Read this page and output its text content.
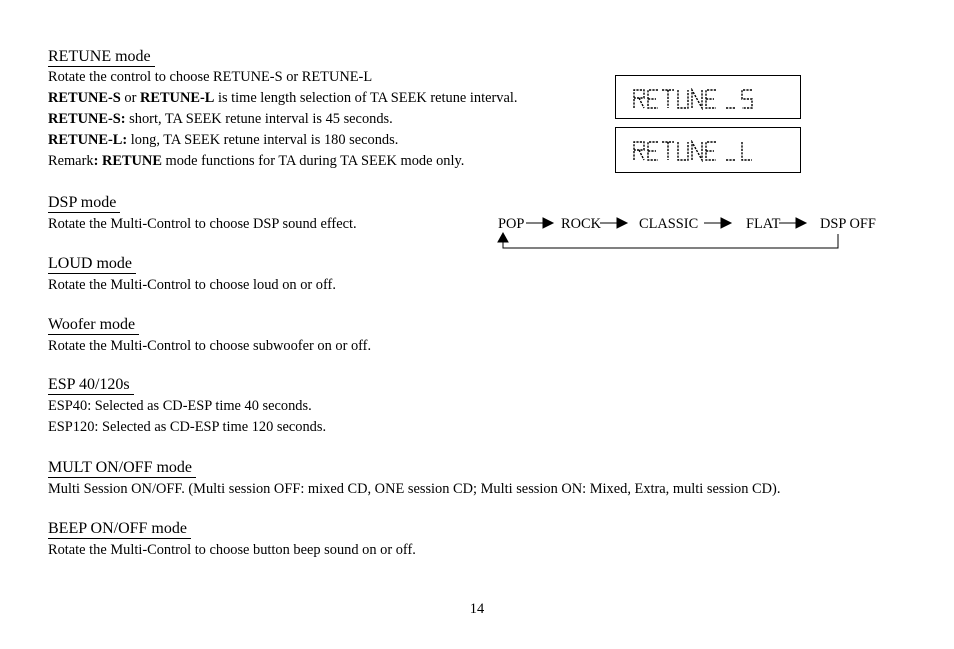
RETUNE mode
Rotate the control to choose RETUNE-S or RETUNE-L
RETUNE-S or RETUNE-L is time length selection of TA SEEK retune interval.
RETUNE-S: short, TA SEEK retune interval is 45 seconds.
RETUNE-L: long, TA SEEK retune interval is 180 seconds.
Remark: RETUNE mode functions for TA during TA SEEK mode only.
DSP mode
Rotate the Multi-Control to choose DSP sound effect.	POP	ROCK	CLASSIC	FLAT	DSP OFF
LOUD mode
Rotate the Multi-Control to choose loud on or off.
Woofer mode
Rotate the Multi-Control to choose subwoofer on or off.
ESP 40/120s
ESP40: Selected as CD-ESP time 40 seconds.
ESP120: Selected as CD-ESP time 120 seconds.
MULT ON/OFF mode
Multi Session ON/OFF. (Multi session OFF: mixed CD, ONE session CD; Multi session ON: Mixed, Extra, multi session CD).
BEEP ON/OFF mode
Rotate the Multi-Control to choose button beep sound on or off.
14
